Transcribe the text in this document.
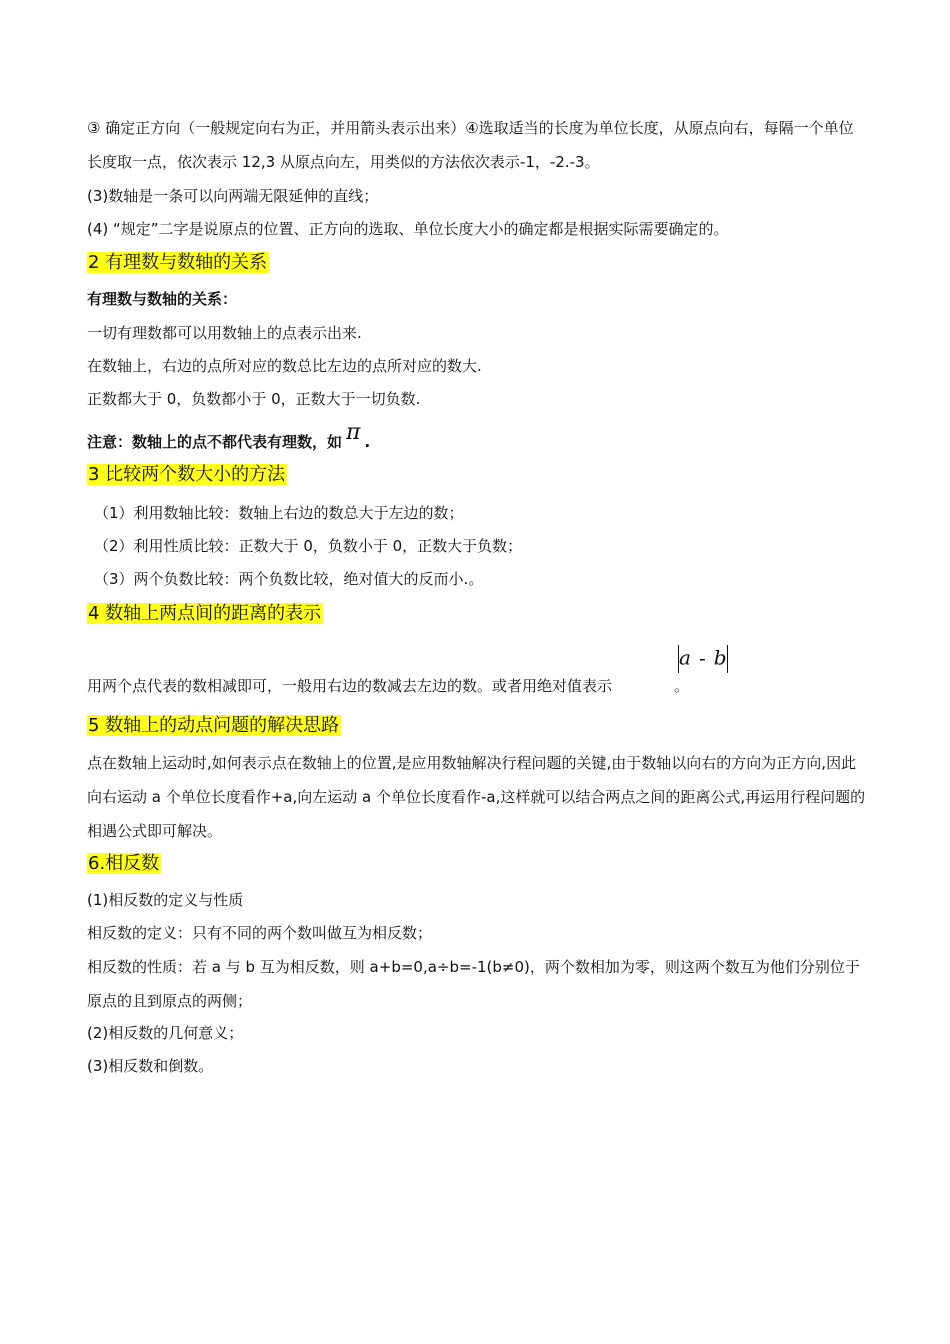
③ 确定正方向（一般规定向右为正，并用箭头表示出来）④选取适当的长度为单位长度，从原点向右，每隔一个单位长度取一点，依次表示 12,3 从原点向左，用类似的方法依次表示-1，-2.-3。
(3)数轴是一条可以向两端无限延伸的直线；
(4) “规定”二字是说原点的位置、正方向的选取、单位长度大小的确定都是根据实际需要确定的。
2 有理数与数轴的关系
有理数与数轴的关系：
一切有理数都可以用数轴上的点表示出来.
在数轴上，右边的点所对应的数总比左边的点所对应的数大.
正数都大于 0，负数都小于 0，正数大于一切负数.
注意：数轴上的点不都代表有理数，如 π .
3 比较两个数大小的方法
（1）利用数轴比较：数轴上右边的数总大于左边的数；
（2）利用性质比较：正数大于 0，负数小于 0，正数大于负数；
（3）两个负数比较：两个负数比较，绝对值大的反而小.。
4 数轴上两点间的距离的表示
a - b
用两个点代表的数相减即可，一般用右边的数减去左边的数。或者用绝对值表示	。
5 数轴上的动点问题的解决思路
点在数轴上运动时,如何表示点在数轴上的位置,是应用数轴解决行程问题的关键,由于数轴以向右的方向为正方向,因此向右运动 a 个单位长度看作+a,向左运动 a 个单位长度看作-a,这样就可以结合两点之间的距离公式,再运用行程问题的相遇公式即可解决。
6.相反数
(1)相反数的定义与性质
相反数的定义：只有不同的两个数叫做互为相反数；
相反数的性质：若 a 与 b 互为相反数，则 a+b=0,a÷b=-1(b≠0)，两个数相加为零，则这两个数互为他们分别位于原点的且到原点的两侧；
(2)相反数的几何意义；
(3)相反数和倒数。
